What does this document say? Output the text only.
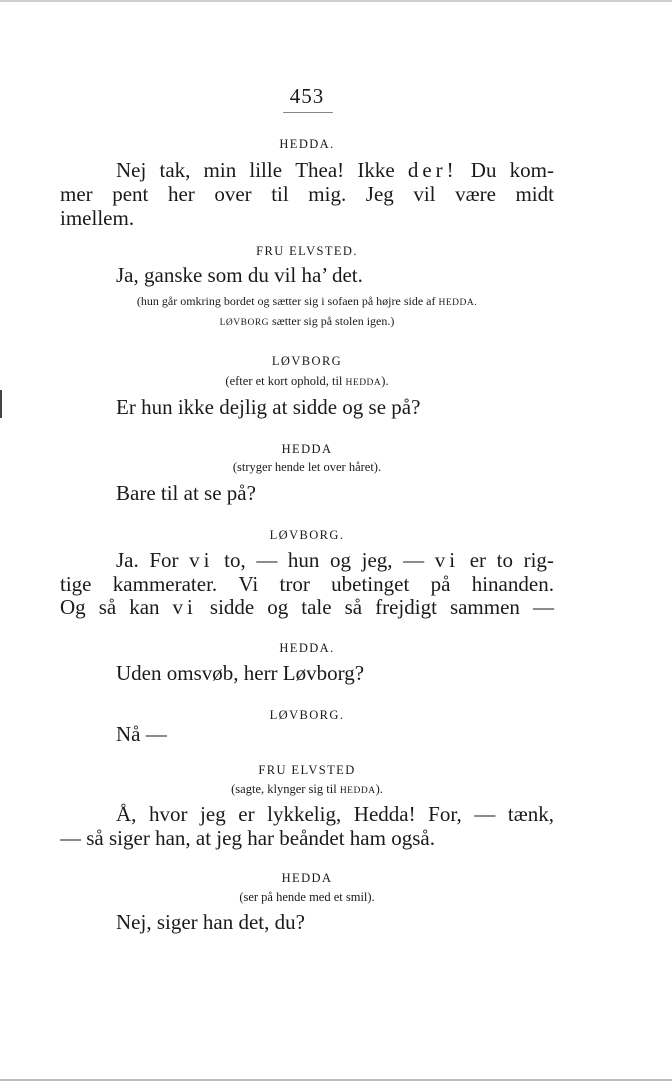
453
HEDDA.
Nej tak, min lille Thea! Ikke der! Du kom-
mer pent her over til mig. Jeg vil være midt
imellem.
FRU ELVSTED.
Ja, ganske som du vil ha’ det.
(hun går omkring bordet og sætter sig i sofaen på højre side af HEDDA.
LØVBORG sætter sig på stolen igen.)
LØVBORG
(efter et kort ophold, til HEDDA).
Er hun ikke dejlig at sidde og se på?
HEDDA
(stryger hende let over håret).
Bare til at se på?
LØVBORG.
Ja. For vi to, — hun og jeg, — vi er to rig-
tige kammerater. Vi tror ubetinget på hinanden.
Og så kan vi sidde og tale så frejdigt sammen —
HEDDA.
Uden omsvøb, herr Løvborg?
LØVBORG.
Nå —
FRU ELVSTED
(sagte, klynger sig til HEDDA).
Å, hvor jeg er lykkelig, Hedda! For, — tænk,
— så siger han, at jeg har beåndet ham også.
HEDDA
(ser på hende med et smil).
Nej, siger han det, du?
